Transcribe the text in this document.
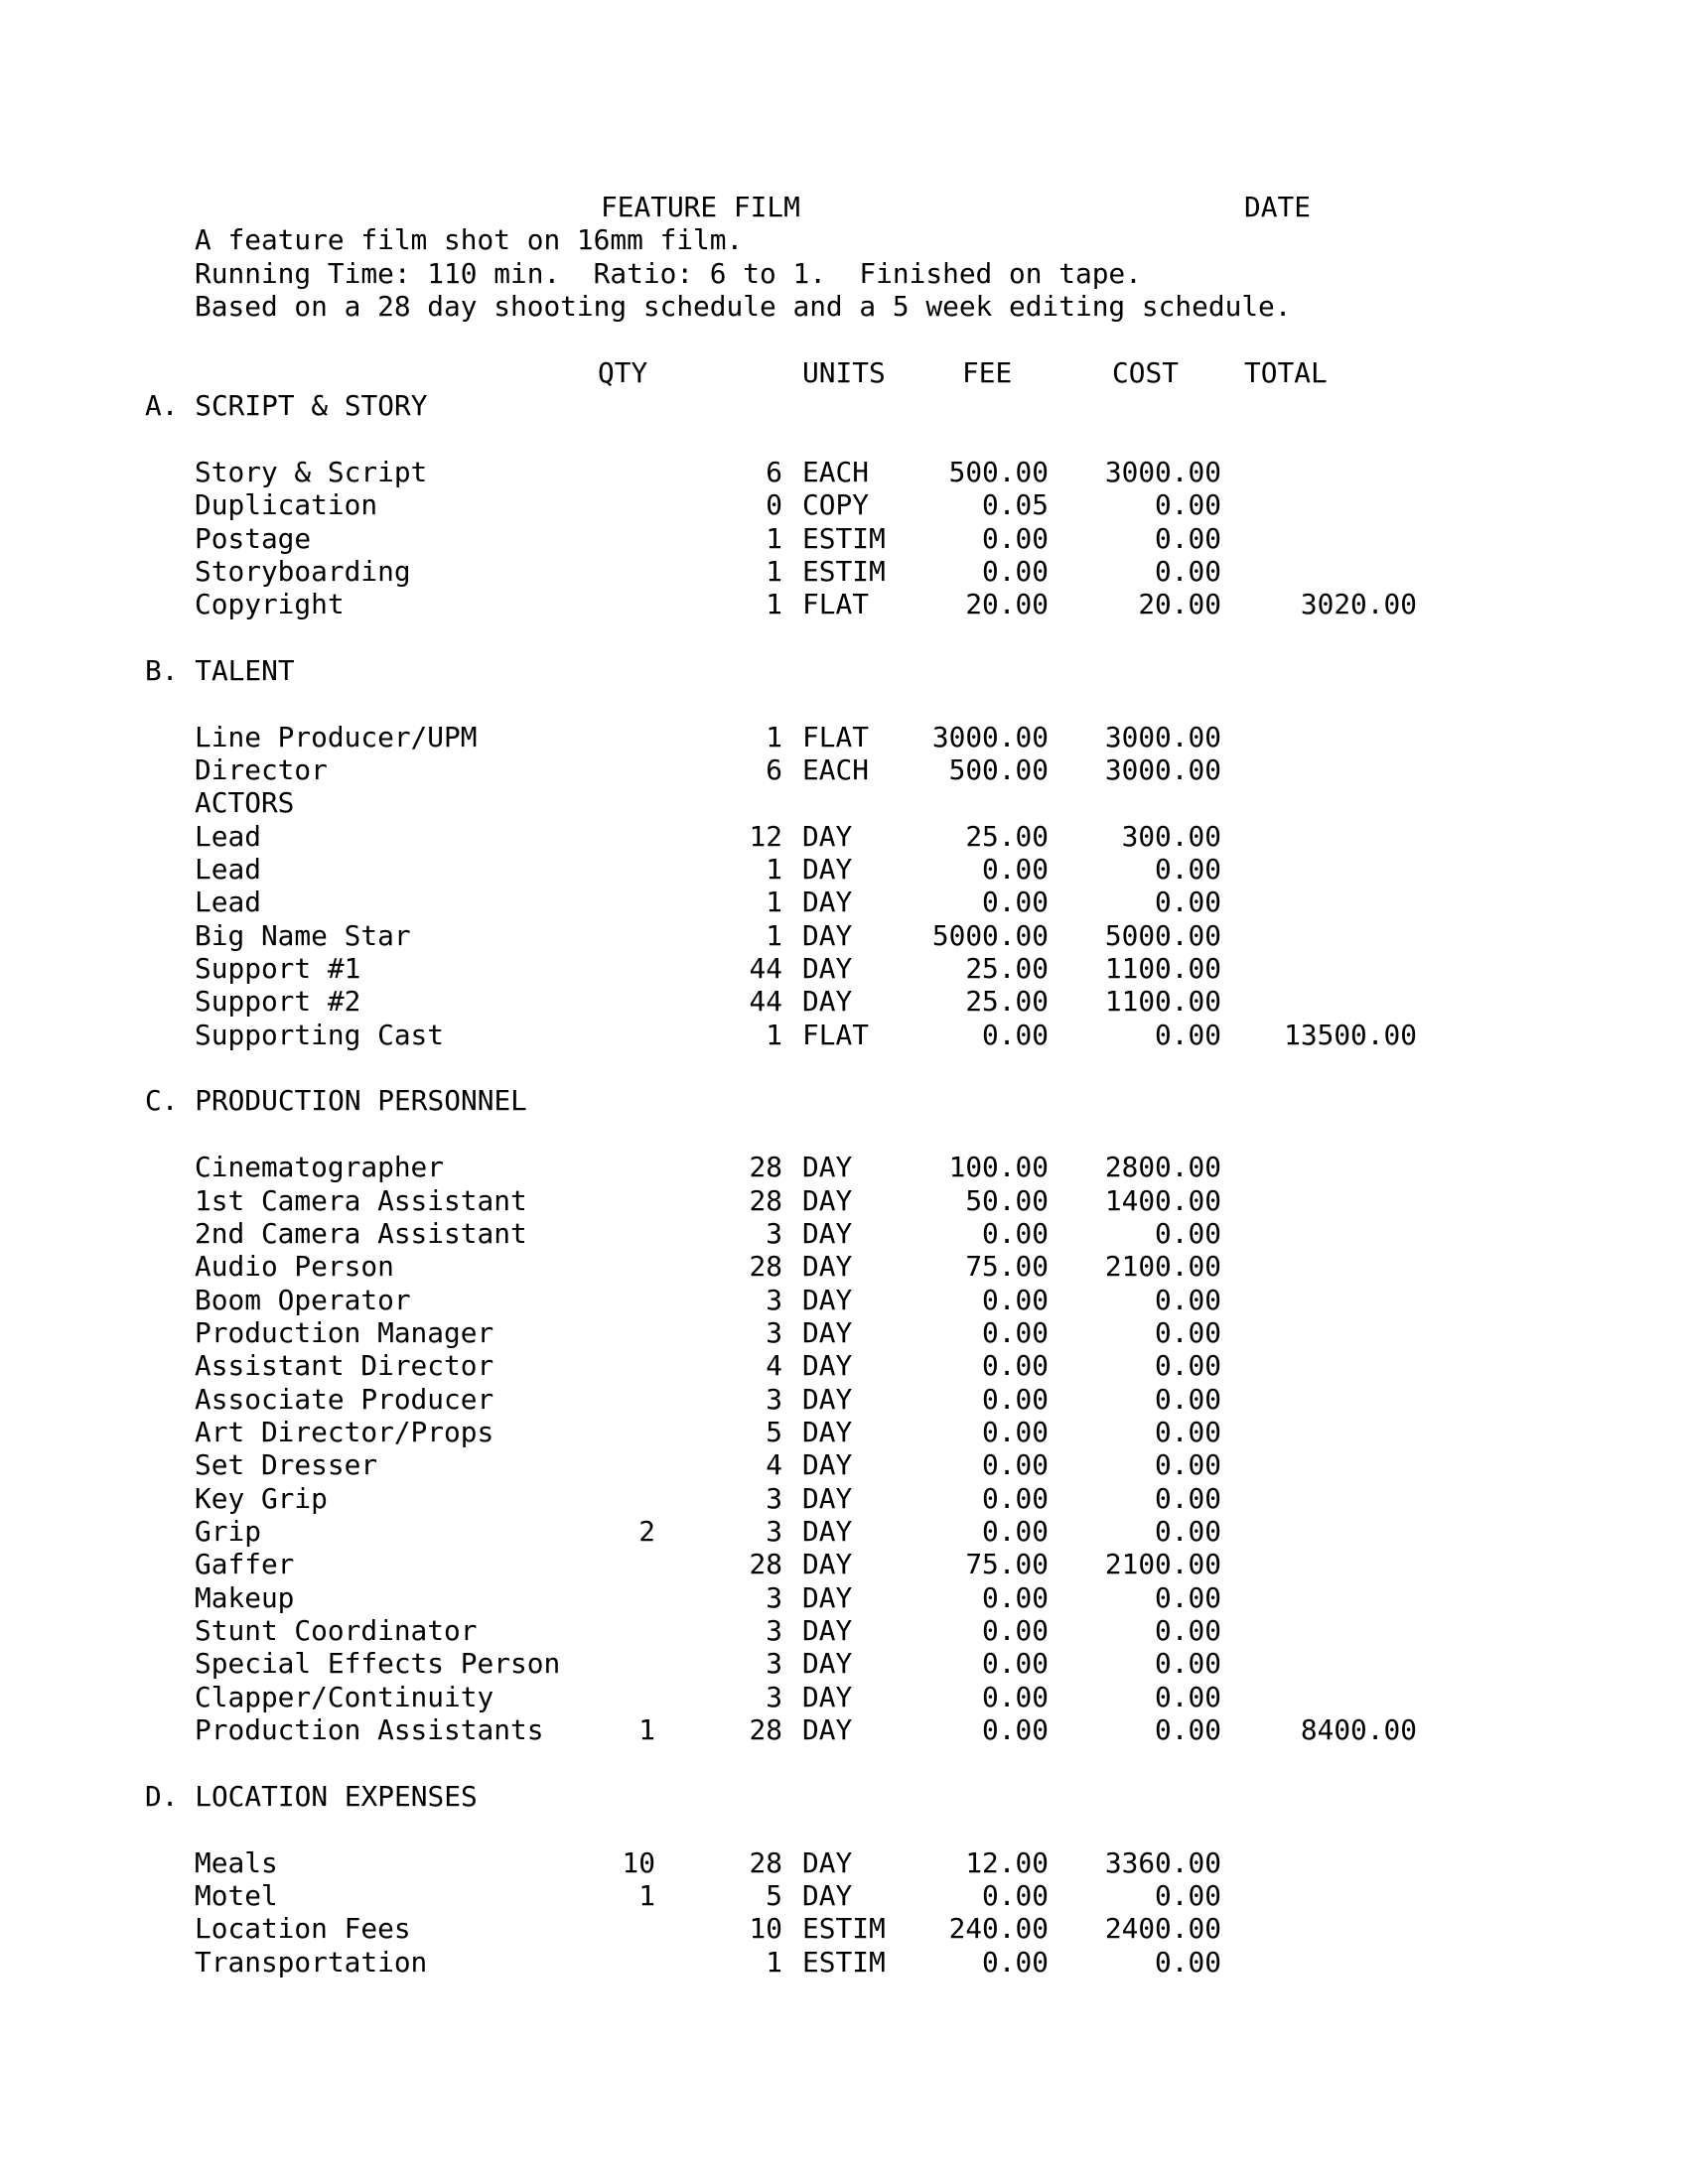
FEATURE FILM	DATE
A feature film shot on 16mm film.
Running Time: 110 min.  Ratio: 6 to 1.  Finished on tape.
Based on a 28 day shooting schedule and a 5 week editing schedule.
QTY	UNITS	FEE	COST TOTAL
A. SCRIPT & STORY
Story & Script	6 EACH	500.00 3000.00
Duplication	0 COPY	0.05	0.00
Postage	1 ESTIM	0.00	0.00
Storyboarding	1 ESTIM	0.00	0.00
Copyright	1 FLAT	20.00	20.00	3020.00
B. TALENT
Line Producer/UPM	1 FLAT 3000.00 3000.00
Director	6 EACH	500.00 3000.00
ACTORS
Lead	12 DAY	25.00	300.00
Lead	1 DAY	0.00	0.00
Lead	1 DAY	0.00	0.00
Big Name Star	1 DAY	5000.00 5000.00
Support #1	44 DAY	25.00 1100.00
Support #2	44 DAY	25.00 1100.00
Supporting Cast	1 FLAT	0.00	0.00 13500.00
C. PRODUCTION PERSONNEL
Cinematographer	28 DAY	100.00 2800.00
1st Camera Assistant	28 DAY	50.00 1400.00
2nd Camera Assistant	3 DAY	0.00	0.00
Audio Person	28 DAY	75.00 2100.00
Boom Operator	3 DAY	0.00	0.00
Production Manager	3 DAY	0.00	0.00
Assistant Director	4 DAY	0.00	0.00
Associate Producer	3 DAY	0.00	0.00
Art Director/Props	5 DAY	0.00	0.00
Set Dresser	4 DAY	0.00	0.00
Key Grip	3 DAY	0.00	0.00
Grip	2	3 DAY	0.00	0.00
Gaffer	28 DAY	75.00 2100.00
Makeup	3 DAY	0.00	0.00
Stunt Coordinator	3 DAY	0.00	0.00
Special Effects Person	3 DAY	0.00	0.00
Clapper/Continuity	3 DAY	0.00	0.00
Production Assistants	1	28 DAY	0.00	0.00	8400.00
D. LOCATION EXPENSES
Meals	10	28 DAY	12.00 3360.00
Motel	1	5 DAY	0.00	0.00
Location Fees	10 ESTIM 240.00 2400.00
Transportation	1 ESTIM	0.00	0.00
